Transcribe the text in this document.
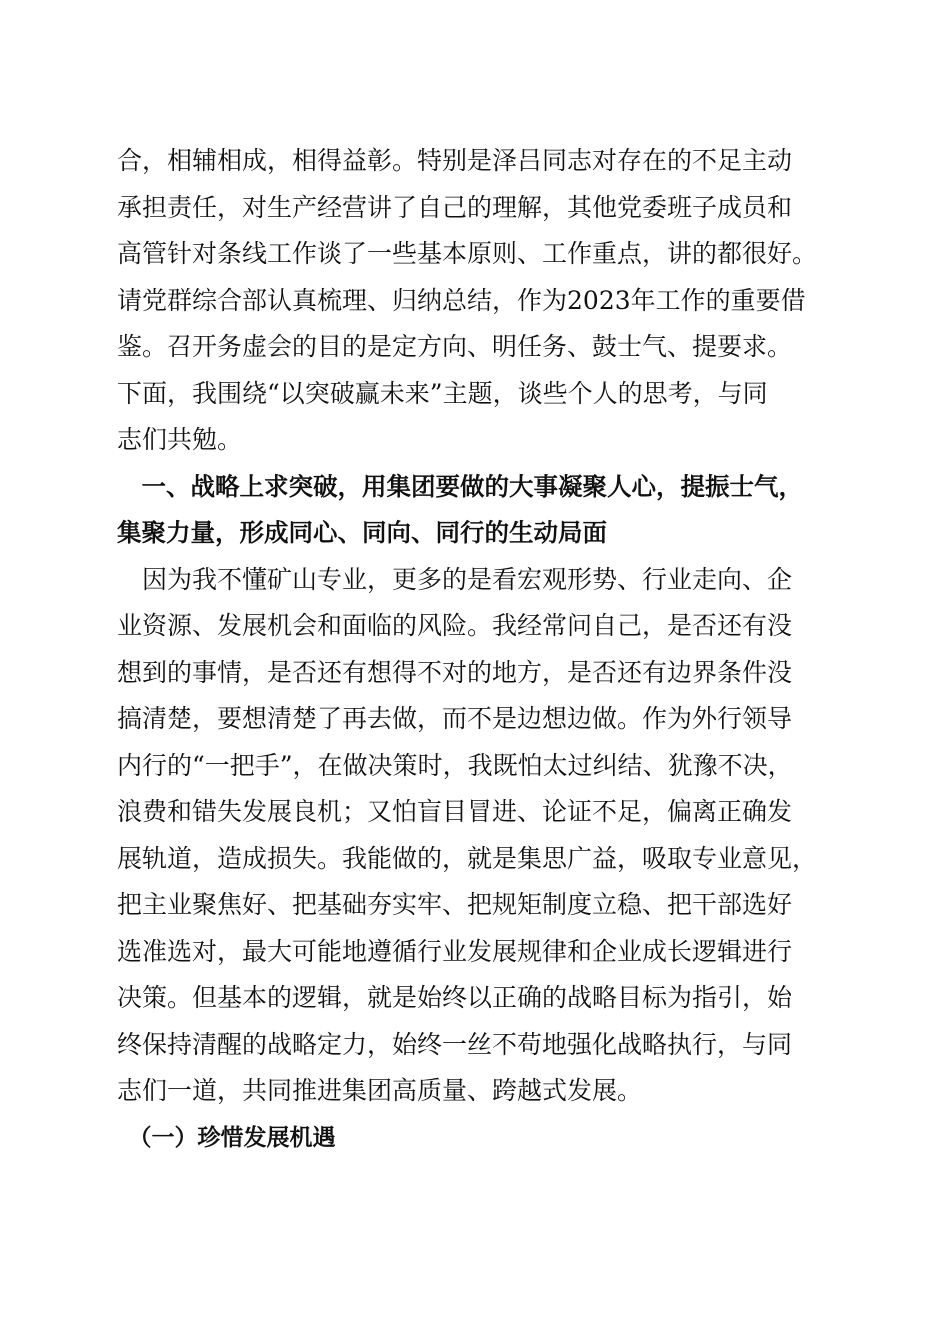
合，相辅相成，相得益彰。特别是泽吕同志对存在的不足主动
承担责任，对生产经营讲了自己的理解，其他党委班子成员和
高管针对条线工作谈了一些基本原则、工作重点，讲的都很好。
请党群综合部认真梳理、归纳总结，作为2023年工作的重要借
鉴。召开务虚会的目的是定方向、明任务、鼓士气、提要求。
下面，我围绕“以突破赢未来”主题，谈些个人的思考，与同
志们共勉。
　一、战略上求突破，用集团要做的大事凝聚人心，提振士气，
集聚力量，形成同心、同向、同行的生动局面
　因为我不懂矿山专业，更多的是看宏观形势、行业走向、企
业资源、发展机会和面临的风险。我经常问自己，是否还有没
想到的事情，是否还有想得不对的地方，是否还有边界条件没
搞清楚，要想清楚了再去做，而不是边想边做。作为外行领导
内行的“一把手”，在做决策时，我既怕太过纠结、犹豫不决，
浪费和错失发展良机；又怕盲目冒进、论证不足，偏离正确发
展轨道，造成损失。我能做的，就是集思广益，吸取专业意见，
把主业聚焦好、把基础夯实牢、把规矩制度立稳、把干部选好
选准选对，最大可能地遵循行业发展规律和企业成长逻辑进行
决策。但基本的逻辑，就是始终以正确的战略目标为指引，始
终保持清醒的战略定力，始终一丝不苟地强化战略执行，与同
志们一道，共同推进集团高质量、跨越式发展。
　（一）珍惜发展机遇
